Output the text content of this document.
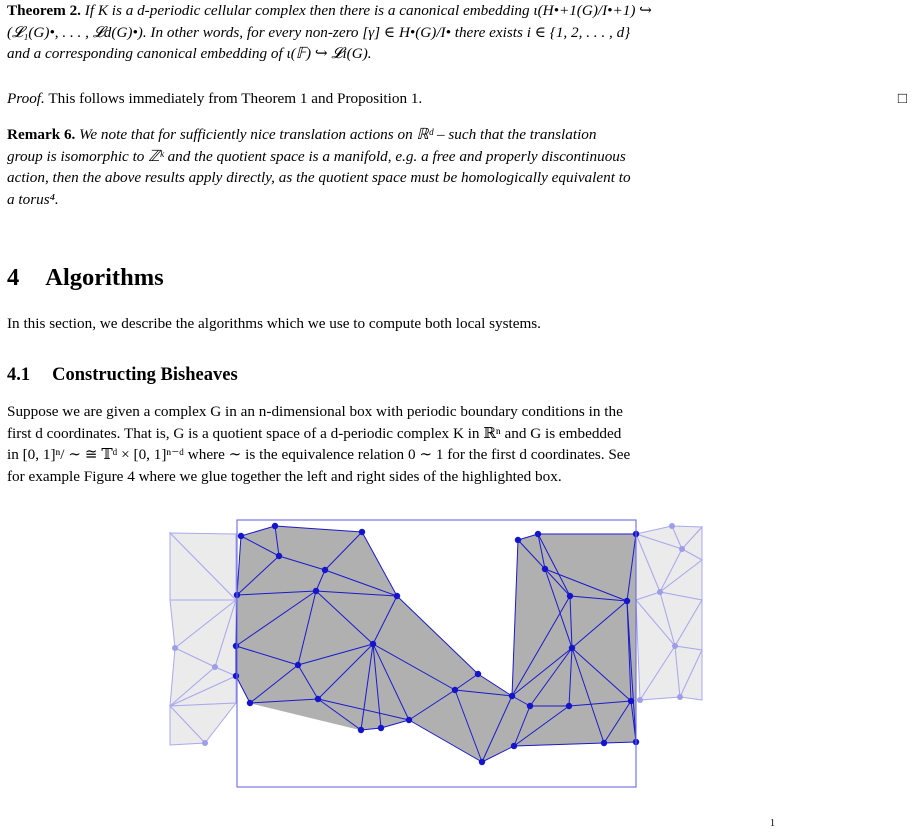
Theorem 2. If K is a d-periodic cellular complex then there is a canonical embedding ι(H•+1(G)/I•+1) ↪
(𝓛₁(G)•, . . . , 𝓛d(G)•). In other words, for every non-zero [γ] ∈ H•(G)/I• there exists i ∈ {1, 2, . . . , d}
and a corresponding canonical embedding of ι(𝔽) ↪ 𝓛i(G).
Proof. This follows immediately from Theorem 1 and Proposition 1.	□
Remark 6. We note that for sufficiently nice translation actions on ℝᵈ – such that the translation
group is isomorphic to ℤᵏ and the quotient space is a manifold, e.g. a free and properly discontinuous
action, then the above results apply directly, as the quotient space must be homologically equivalent to
a torus⁴.
4 Algorithms
In this section, we describe the algorithms which we use to compute both local systems.
4.1 Constructing Bisheaves
Suppose we are given a complex G in an n-dimensional box with periodic boundary conditions in the
first d coordinates. That is, G is a quotient space of a d-periodic complex K in ℝⁿ and G is embedded
in [0, 1]ⁿ/ ∼ ≅ 𝕋ᵈ × [0, 1]ⁿ⁻ᵈ where ∼ is the equivalence relation 0 ∼ 1 for the first d coordinates. See
for example Figure 4 where we glue together the left and right sides of the highlighted box.
1
